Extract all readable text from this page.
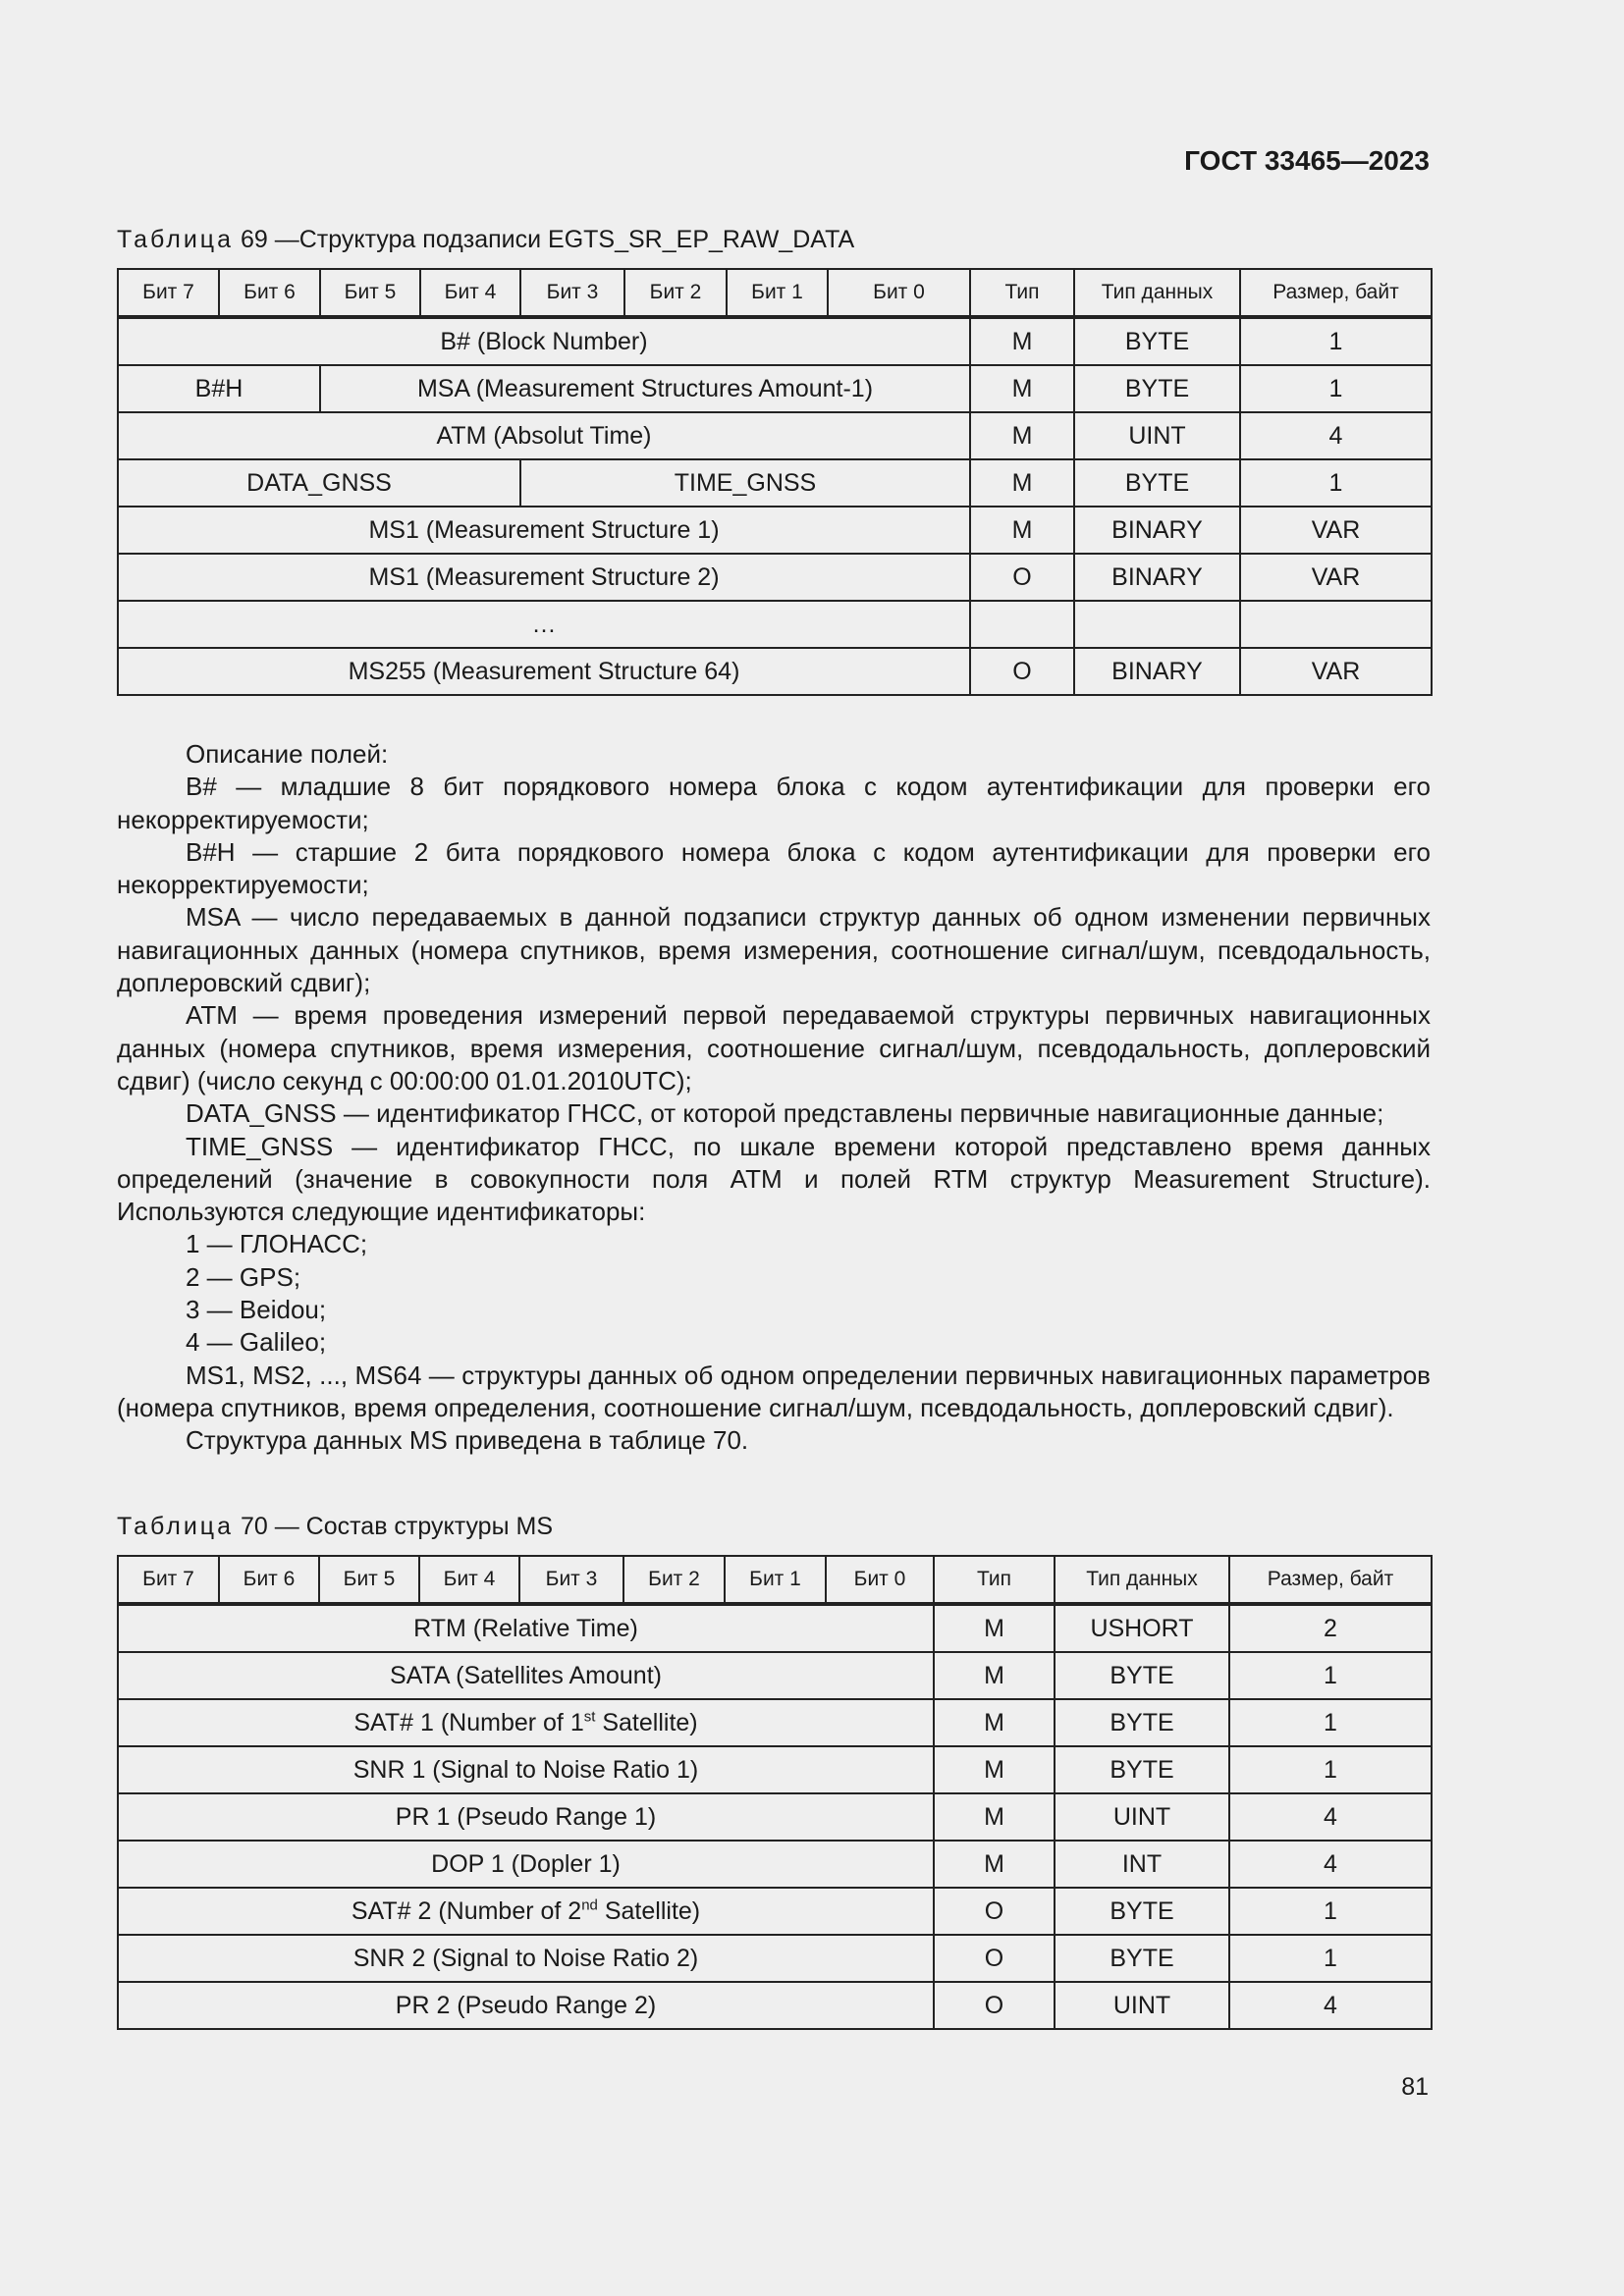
ГОСТ 33465—2023
Таблица 69 —Структура подзаписи EGTS_SR_EP_RAW_DATA
Бит 7	Бит 6	Бит 5	Бит 4	Бит 3	Бит 2	Бит 1	Бит 0	Тип	Тип данных	Размер, байт
B# (Block Number)								M	BYTE	1
B#H		MSA (Measurement Structures Amount-1)						M	BYTE	1
ATM (Absolut Time)								M	UINT	4
DATA_GNSS				TIME_GNSS				M	BYTE	1
MS1 (Measurement Structure 1)								M	BINARY	VAR
MS1 (Measurement Structure 2)								O	BINARY	VAR
…										
MS255 (Measurement Structure 64)								O	BINARY	VAR

Описание полей:

B# — младшие 8 бит порядкового номера блока с кодом аутентификации для проверки его некорректируемости;

B#H — старшие 2 бита порядкового номера блока с кодом аутентификации для проверки его некорректируемости;

MSA — число передаваемых в данной подзаписи структур данных об одном изменении первичных навигационных данных (номера спутников, время измерения, соотношение сигнал/шум, псевдодальность, доплеровский сдвиг);

ATM — время проведения измерений первой передаваемой структуры первичных навигационных данных (номера спутников, время измерения, соотношение сигнал/шум, псевдодальность, доплеровский сдвиг) (число секунд с 00:00:00 01.01.2010UTC);

DATA_GNSS — идентификатор ГНСС, от которой представлены первичные навигационные данные;

TIME_GNSS — идентификатор ГНСС, по шкале времени которой представлено время данных определений (значение в совокупности поля ATM и полей RTM структур Measurement Structure). Используются следующие идентификаторы:

1 — ГЛОНАСС;

2 — GPS;

3 — Beidou;

4 — Galileo;

MS1, MS2, ..., MS64 — структуры данных об одном определении первичных навигационных параметров (номера спутников, время определения, соотношение сигнал/шум, псевдодальность, доплеровский сдвиг).

Структура данных MS приведена в таблице 70.

Таблица 70 — Состав структуры MS
Бит 7	Бит 6	Бит 5	Бит 4	Бит 3	Бит 2	Бит 1	Бит 0	Тип	Тип данных	Размер, байт
RTM (Relative Time)								M	USHORT	2
SATA (Satellites Amount)								M	BYTE	1
SAT# 1 (Number of 1st Satellite)								M	BYTE	1
SNR 1 (Signal to Noise Ratio 1)								M	BYTE	1
PR 1 (Pseudo Range 1)								M	UINT	4
DOP 1 (Dopler 1)								M	INT	4
SAT# 2 (Number of 2nd Satellite)								O	BYTE	1
SNR 2 (Signal to Noise Ratio 2)								O	BYTE	1
PR 2 (Pseudo Range 2)								O	UINT	4
81
